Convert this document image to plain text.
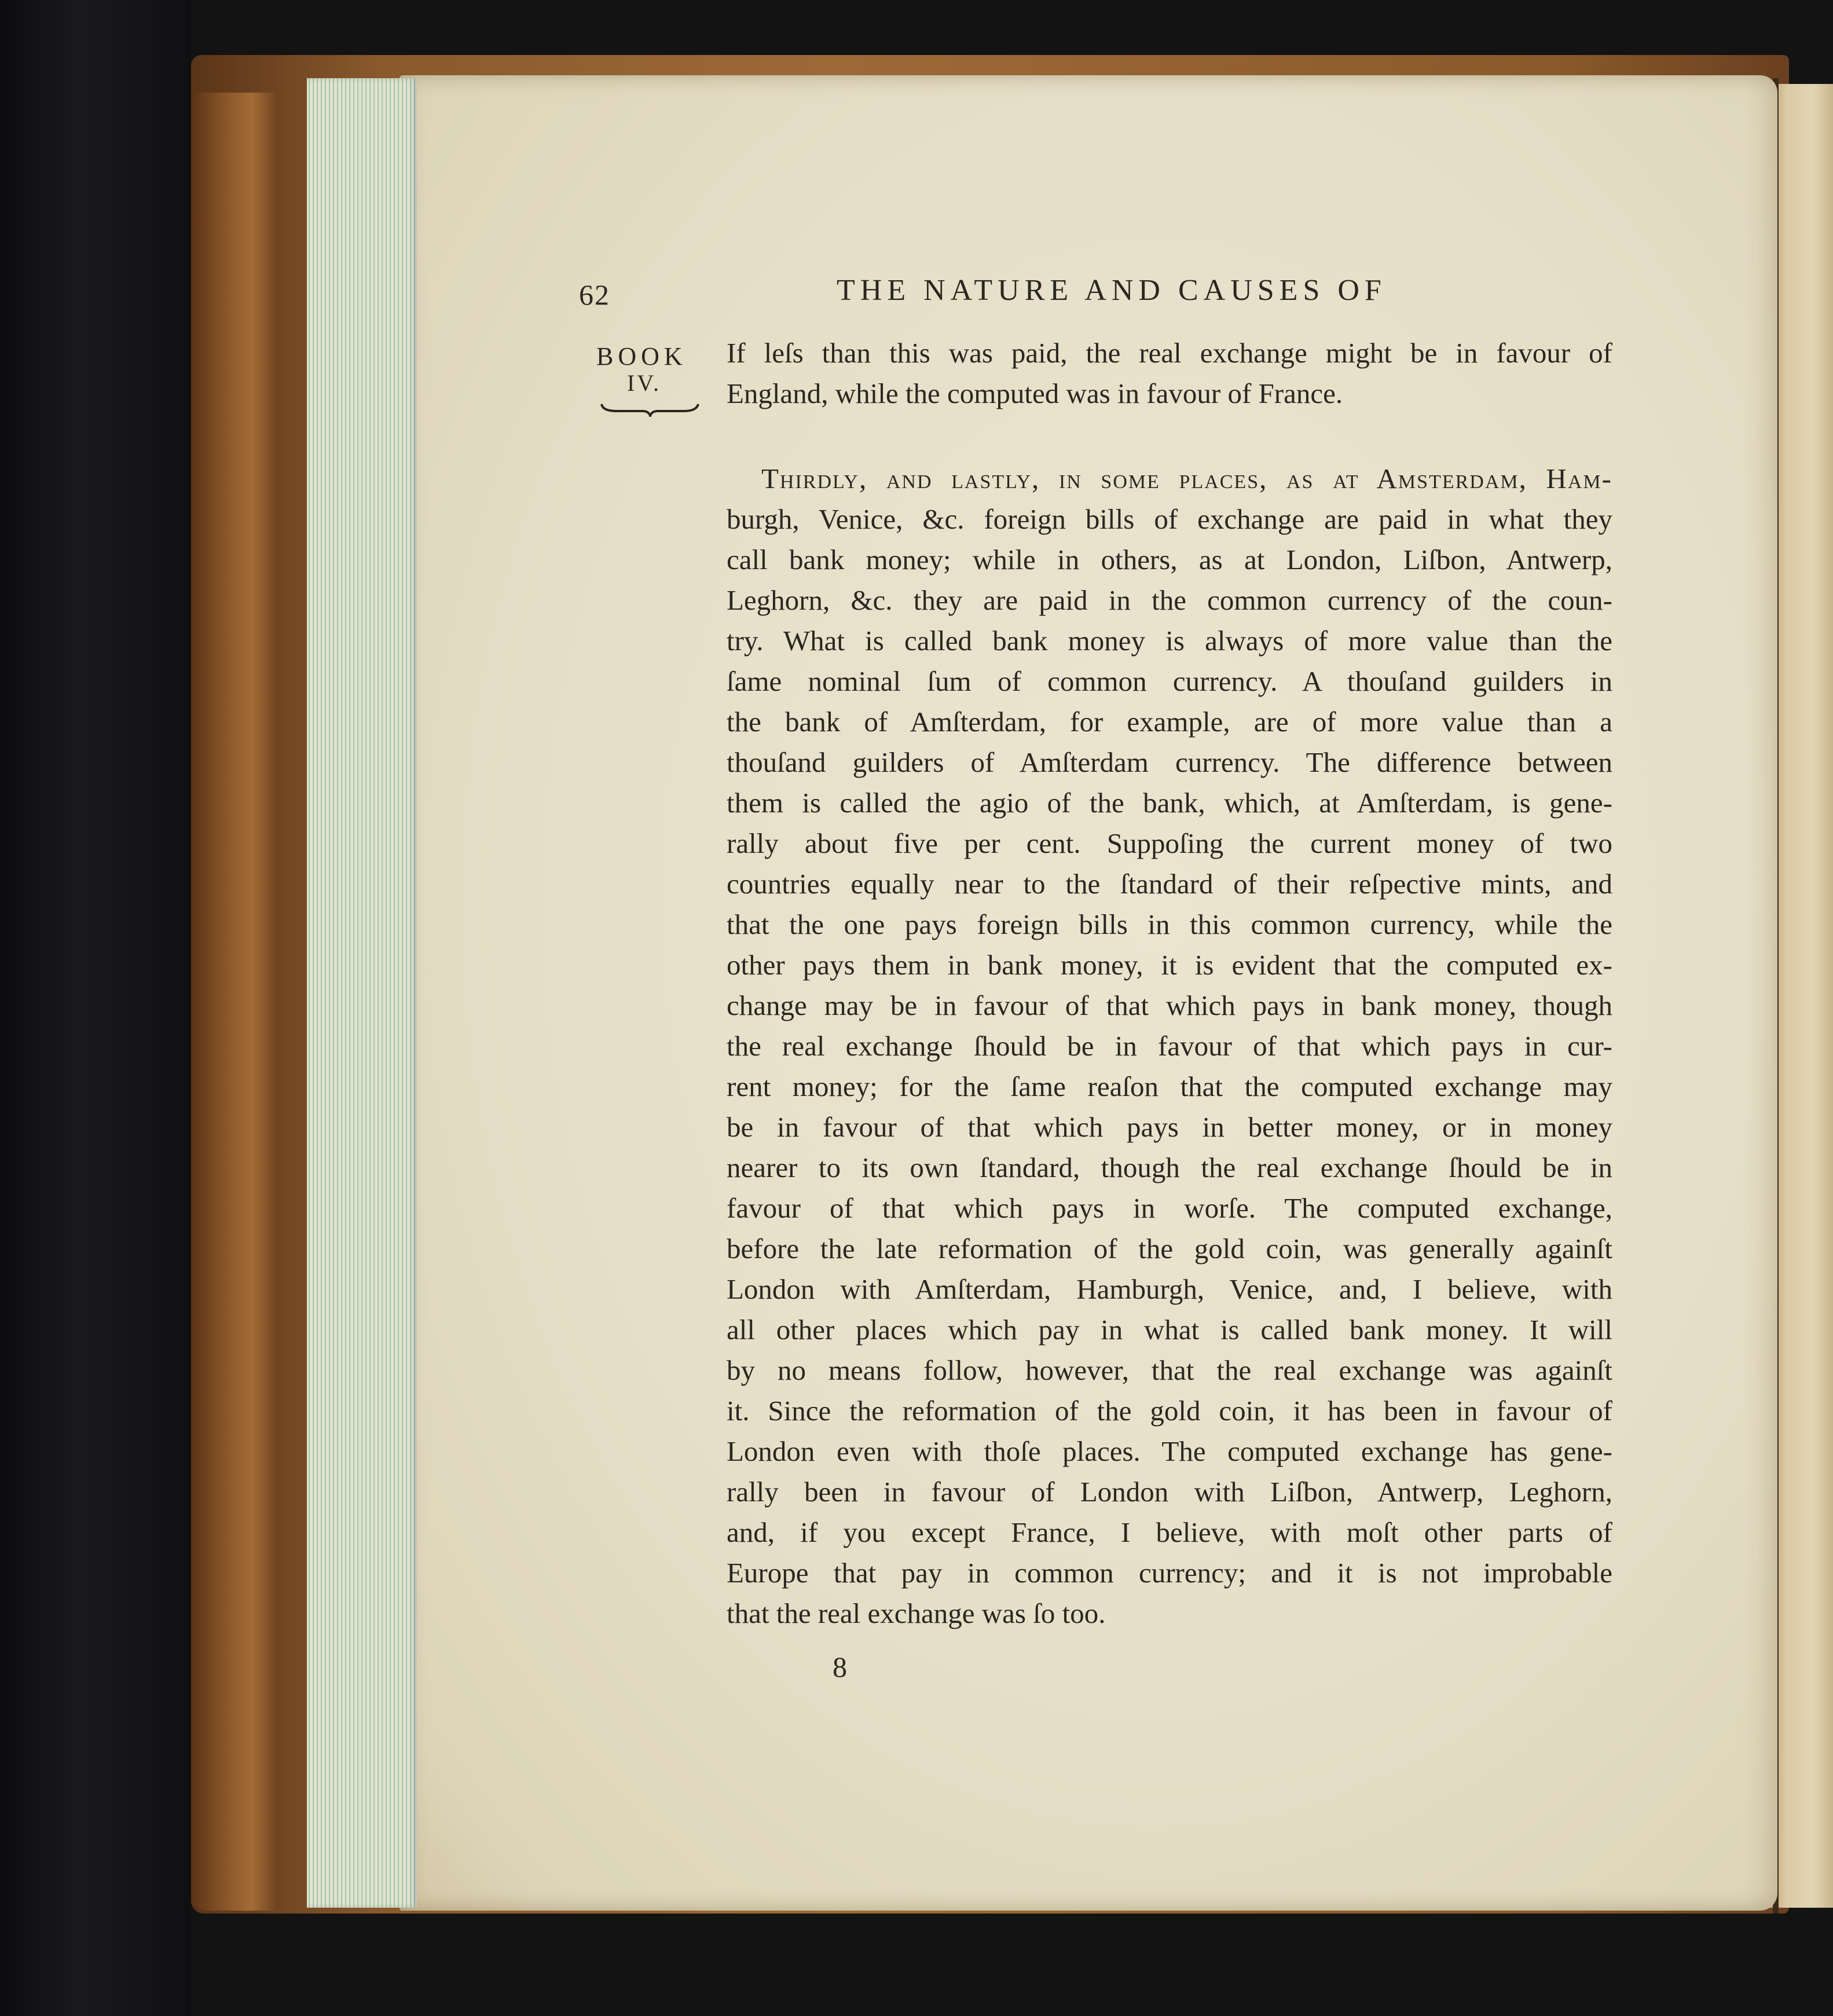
62	THE NATURE AND CAUSES OF
BOOK
IV.
If leſs than this was paid, the real exchange might be in favour of
England, while the computed was in favour of France.
Thirdly, and laſtly, in ſome places, as at Amſterdam, Ham-
burgh, Venice, &c. foreign bills of exchange are paid in what they
call bank money; while in others, as at London, Liſbon, Antwerp,
Leghorn, &c. they are paid in the common currency of the coun-
try. What is called bank money is always of more value than the
ſame nominal ſum of common currency. A thouſand guilders in
the bank of Amſterdam, for example, are of more value than a
thouſand guilders of Amſterdam currency. The difference between
them is called the agio of the bank, which, at Amſterdam, is gene-
rally about five per cent. Suppoſing the current money of two
countries equally near to the ſtandard of their reſpective mints, and
that the one pays foreign bills in this common currency, while the
other pays them in bank money, it is evident that the computed ex-
change may be in favour of that which pays in bank money, though
the real exchange ſhould be in favour of that which pays in cur-
rent money; for the ſame reaſon that the computed exchange may
be in favour of that which pays in better money, or in money
nearer to its own ſtandard, though the real exchange ſhould be in
favour of that which pays in worſe. The computed exchange,
before the late reformation of the gold coin, was generally againſt
London with Amſterdam, Hamburgh, Venice, and, I believe, with
all other places which pay in what is called bank money. It will
by no means follow, however, that the real exchange was againſt
it. Since the reformation of the gold coin, it has been in favour of
London even with thoſe places. The computed exchange has gene-
rally been in favour of London with Liſbon, Antwerp, Leghorn,
and, if you except France, I believe, with moſt other parts of
Europe that pay in common currency; and it is not improbable
that the real exchange was ſo too.
8
